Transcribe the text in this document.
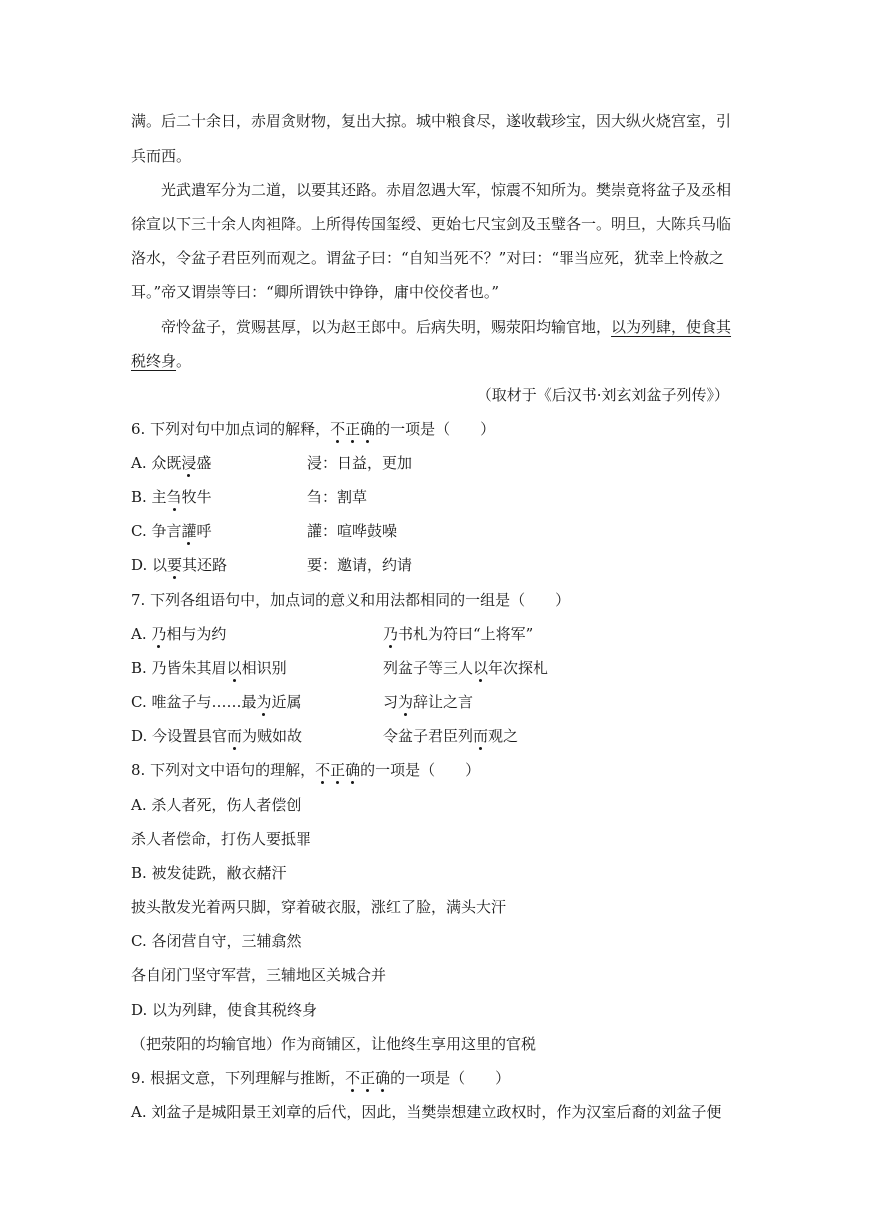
满。后二十余日，赤眉贪财物，复出大掠。城中粮食尽，遂收载珍宝，因大纵火烧宫室，引
兵而西。
光武遣军分为二道，以要其还路。赤眉忽遇大军，惊震不知所为。樊崇竟将盆子及丞相
徐宣以下三十余人肉袒降。上所得传国玺绶、更始七尺宝剑及玉璧各一。明旦，大陈兵马临
洛水，令盆子君臣列而观之。谓盆子曰：“自知当死不？”对曰：“罪当应死，犹幸上怜赦之
耳。”帝又谓崇等曰：“卿所谓铁中铮铮，庸中佼佼者也。”
帝怜盆子，赏赐甚厚，以为赵王郎中。后病失明，赐荥阳均输官地，以为列肆，使食其
税终身。
（取材于《后汉书·刘玄刘盆子列传》）
6. 下列对句中加点词的解释，不正确的一项是（　　）
A. 众既浸盛	浸：日益，更加
B. 主刍牧牛	刍：割草
C. 争言讙呼	讙：喧哗鼓噪
D. 以要其还路	要：邀请，约请
7. 下列各组语句中，加点词的意义和用法都相同的一组是（　　）
A. 乃相与为约	乃书札为符曰“上将军”
B. 乃皆朱其眉以相识别	列盆子等三人以年次探札
C. 唯盆子与……最为近属	习为辞让之言
D. 今设置县官而为贼如故	令盆子君臣列而观之
8. 下列对文中语句的理解，不正确的一项是（　　）
A. 杀人者死，伤人者偿创
杀人者偿命，打伤人要抵罪
B. 被发徒跣，敝衣赭汗
披头散发光着两只脚，穿着破衣服，涨红了脸，满头大汗
C. 各闭营自守，三辅翕然
各自闭门坚守军营，三辅地区关城合并
D. 以为列肆，使食其税终身
（把荥阳的均输官地）作为商铺区，让他终生享用这里的官税
9. 根据文意，下列理解与推断，不正确的一项是（　　）
A. 刘盆子是城阳景王刘章的后代，因此，当樊崇想建立政权时，作为汉室后裔的刘盆子便
